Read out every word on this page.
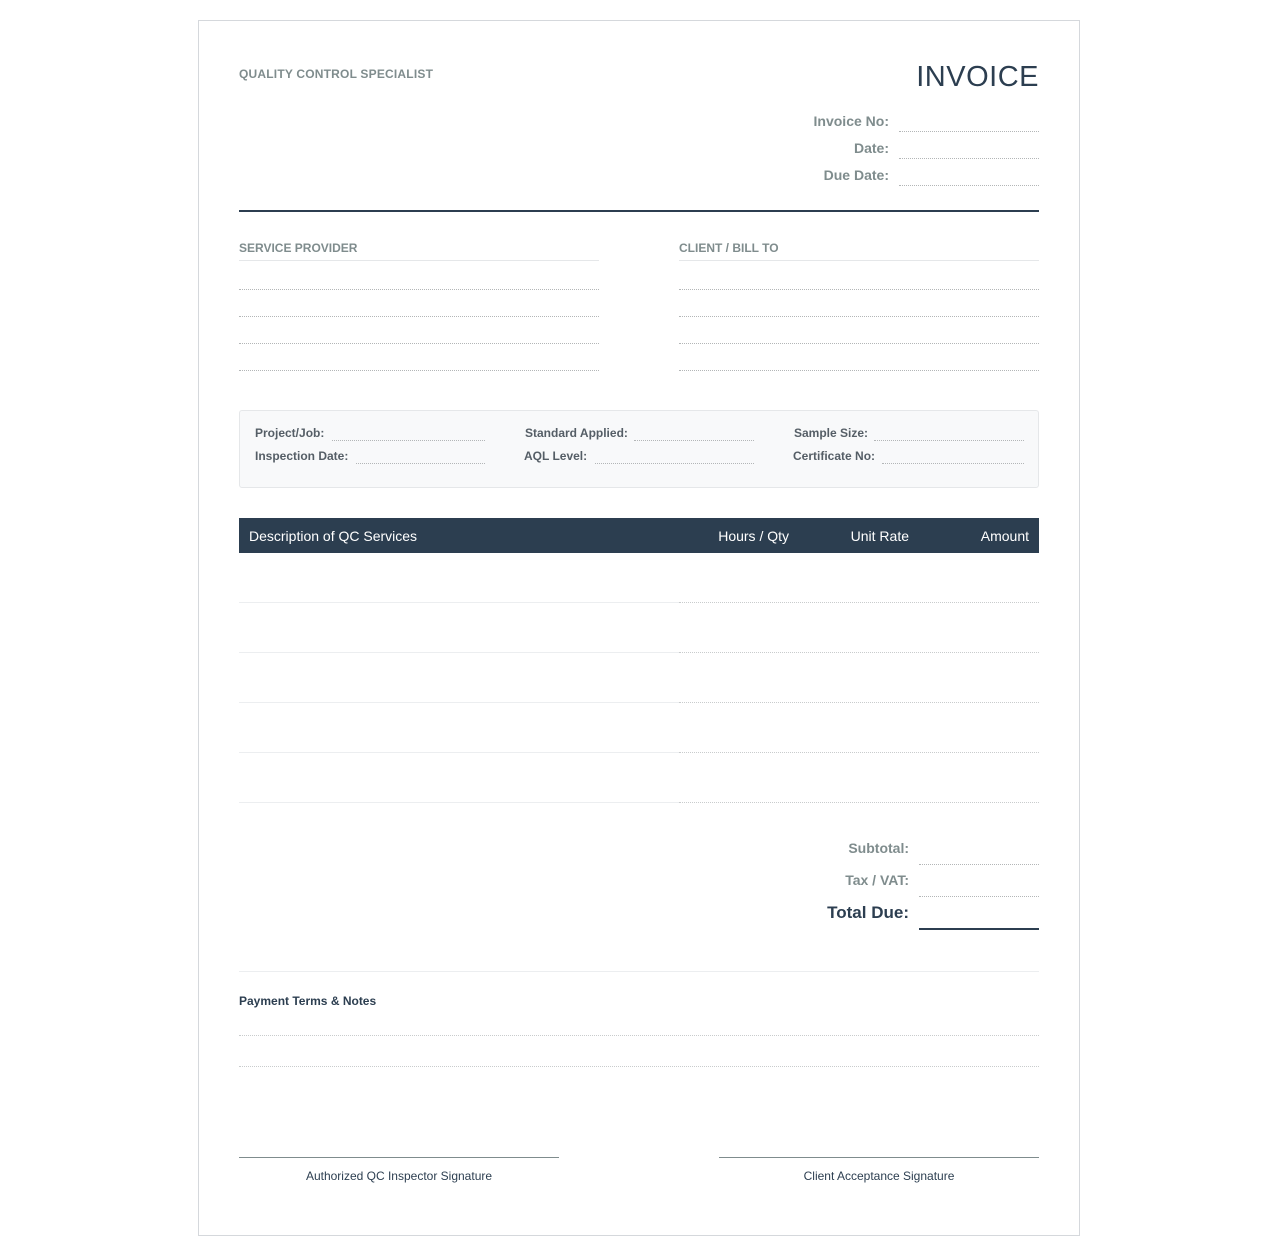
QUALITY CONTROL SPECIALIST	INVOICE
Invoice No:
Date:
Due Date:
SERVICE PROVIDER	CLIENT / BILL TO
Project/Job:	Standard Applied:	Sample Size:
Inspection Date:	AQL Level:	Certificate No:
Description of QC Services	Hours / Qty	Unit Rate	Amount
Subtotal:
Tax / VAT:
Total Due:
Payment Terms & Notes
Authorized QC Inspector Signature	Client Acceptance Signature
